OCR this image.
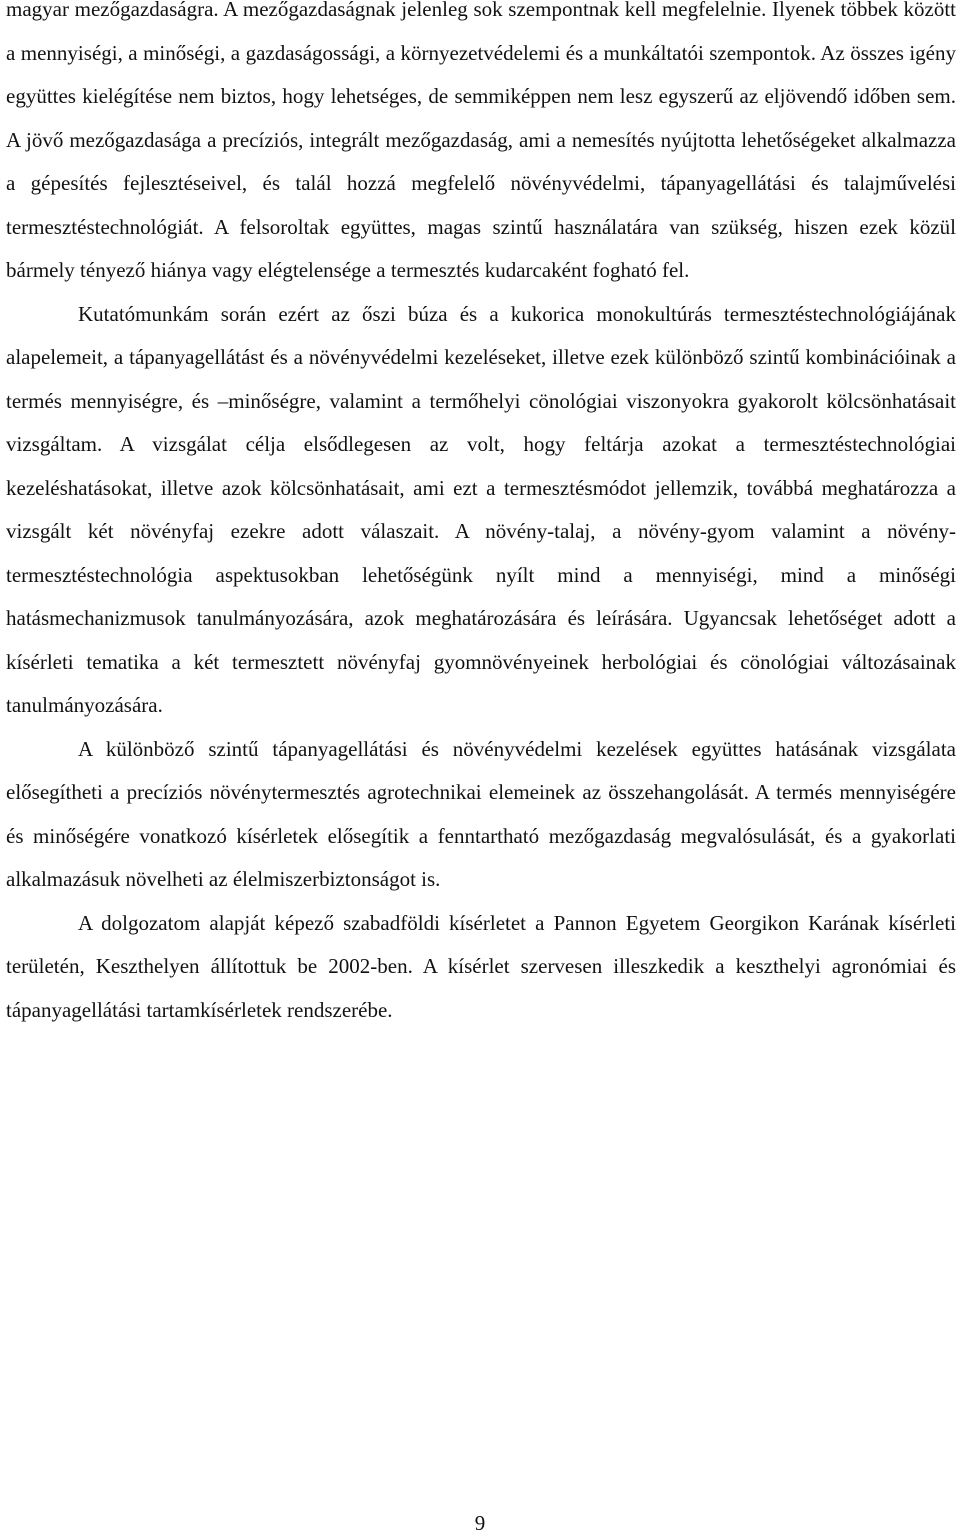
magyar mezőgazdaságra. A mezőgazdaságnak jelenleg sok szempontnak kell megfelelnie. Ilyenek többek között a mennyiségi, a minőségi, a gazdaságossági, a környezetvédelemi és a munkáltatói szempontok. Az összes igény együttes kielégítése nem biztos, hogy lehetséges, de semmiképpen nem lesz egyszerű az eljövendő időben sem. A jövő mezőgazdasága a precíziós, integrált mezőgazdaság, ami a nemesítés nyújtotta lehetőségeket alkalmazza a gépesítés fejlesztéseivel, és talál hozzá megfelelő növényvédelmi, tápanyagellátási és talajművelési termesztéstechnológiát. A felsoroltak együttes, magas szintű használatára van szükség, hiszen ezek közül bármely tényező hiánya vagy elégtelensége a termesztés kudarcaként fogható fel.

Kutatómunkám során ezért az őszi búza és a kukorica monokultúrás termesztéstechnológiájának alapelemeit, a tápanyagellátást és a növényvédelmi kezeléseket, illetve ezek különböző szintű kombinációinak a termés mennyiségre, és –minőségre, valamint a termőhelyi cönológiai viszonyokra gyakorolt kölcsönhatásait vizsgáltam. A vizsgálat célja elsődlegesen az volt, hogy feltárja azokat a termesztéstechnológiai kezeléshatásokat, illetve azok kölcsönhatásait, ami ezt a termesztésmódot jellemzik, továbbá meghatározza a vizsgált két növényfaj ezekre adott válaszait. A növény-talaj, a növény-gyom valamint a növény-termesztéstechnológia aspektusokban lehetőségünk nyílt mind a mennyiségi, mind a minőségi hatásmechanizmusok tanulmányozására, azok meghatározására és leírására. Ugyancsak lehetőséget adott a kísérleti tematika a két termesztett növényfaj gyomnövényeinek herbológiai és cönológiai változásainak tanulmányozására.

A különböző szintű tápanyagellátási és növényvédelmi kezelések együttes hatásának vizsgálata elősegítheti a precíziós növénytermesztés agrotechnikai elemeinek az összehangolását. A termés mennyiségére és minőségére vonatkozó kísérletek elősegítik a fenntartható mezőgazdaság megvalósulását, és a gyakorlati alkalmazásuk növelheti az élelmiszerbiztonságot is.

A dolgozatom alapját képező szabadföldi kísérletet a Pannon Egyetem Georgikon Karának kísérleti területén, Keszthelyen állítottuk be 2002-ben. A kísérlet szervesen illeszkedik a keszthelyi agronómiai és tápanyagellátási tartamkísérletek rendszerébe.

9
